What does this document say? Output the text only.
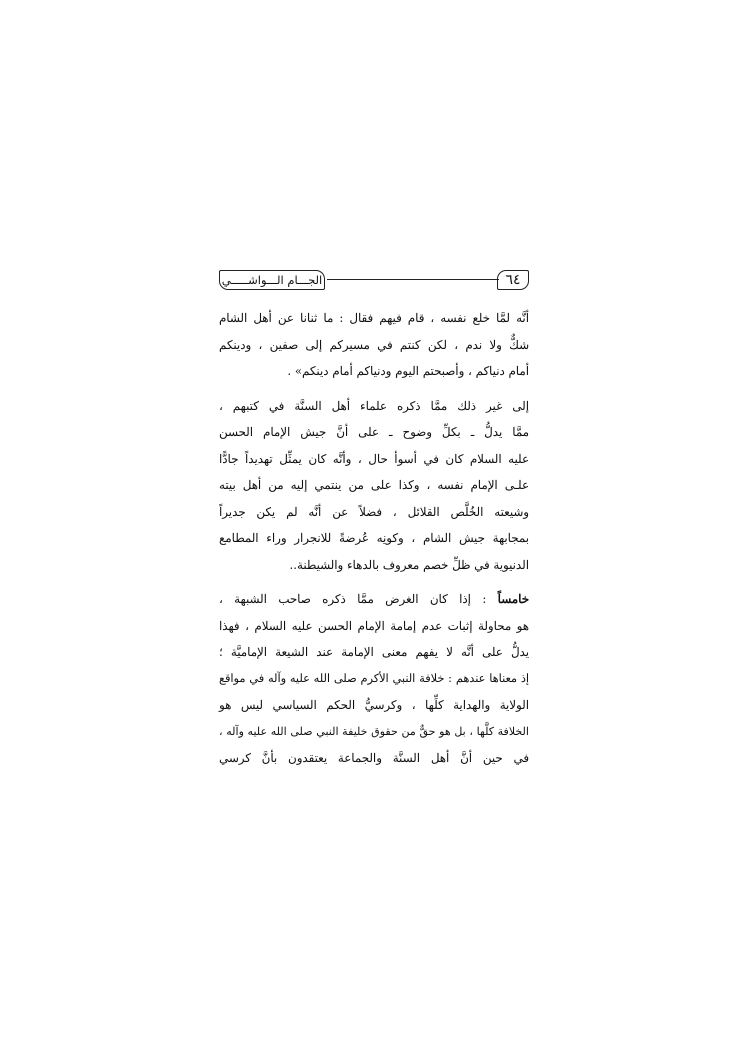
الجـــام الـــواشـــــي	٦٤
أنَّه لمَّا خلع نفسه ، قام فيهم فقال : ما ثنانا عن أهل الشام
شكٌّ ولا ندم ، لكن كنتم في مسيركم إلى صفين ، ودينكم
أمام دنياكم ، وأصبحتم اليوم ودنياكم أمام دينكم» .
إلى غير ذلك ممَّا ذكره علماء أهل السنَّة في كتبهم ،
ممَّا يدلُّ ـ بكلِّ وضوح ـ على أنَّ جيش الإمام الحسن
عليه السلام كان في أسوأ حال ، وأنَّه كان يمثِّل تهديداً جادًّا
علـى الإمام نفسه ، وكذا على من ينتمي إليه من أهل بيته
وشيعته الخُلَّص القلائل ، فضلاً عن أنَّه لم يكن جديراً
بمجابهة جيش الشام ، وكونِه عُرضةً للانجرار وراء المطامع
الدنيوية في ظلِّ خصم معروف بالدهاء والشيطنة..
خامساً : إذا كان الغرض ممَّا ذكره صاحب الشبهة ،
هو محاولة إثبات عدم إمامة الإمام الحسن عليه السلام ، فهذا
يدلُّ على أنَّه لا يفهم معنى الإمامة عند الشيعة الإماميَّة ؛
إذ معناها عندهم : خلافة النبي الأكرم صلى الله عليه وآله في مواقع
الولاية والهداية كلِّها ، وكرسيُّ الحكم السياسي ليس هو
الخلافة كلَّها ، بل هو حقٌّ من حقوق خليفة النبي صلى الله عليه وآله ،
في حين أنَّ أهل السنَّة والجماعة يعتقدون بأنَّ كرسي
